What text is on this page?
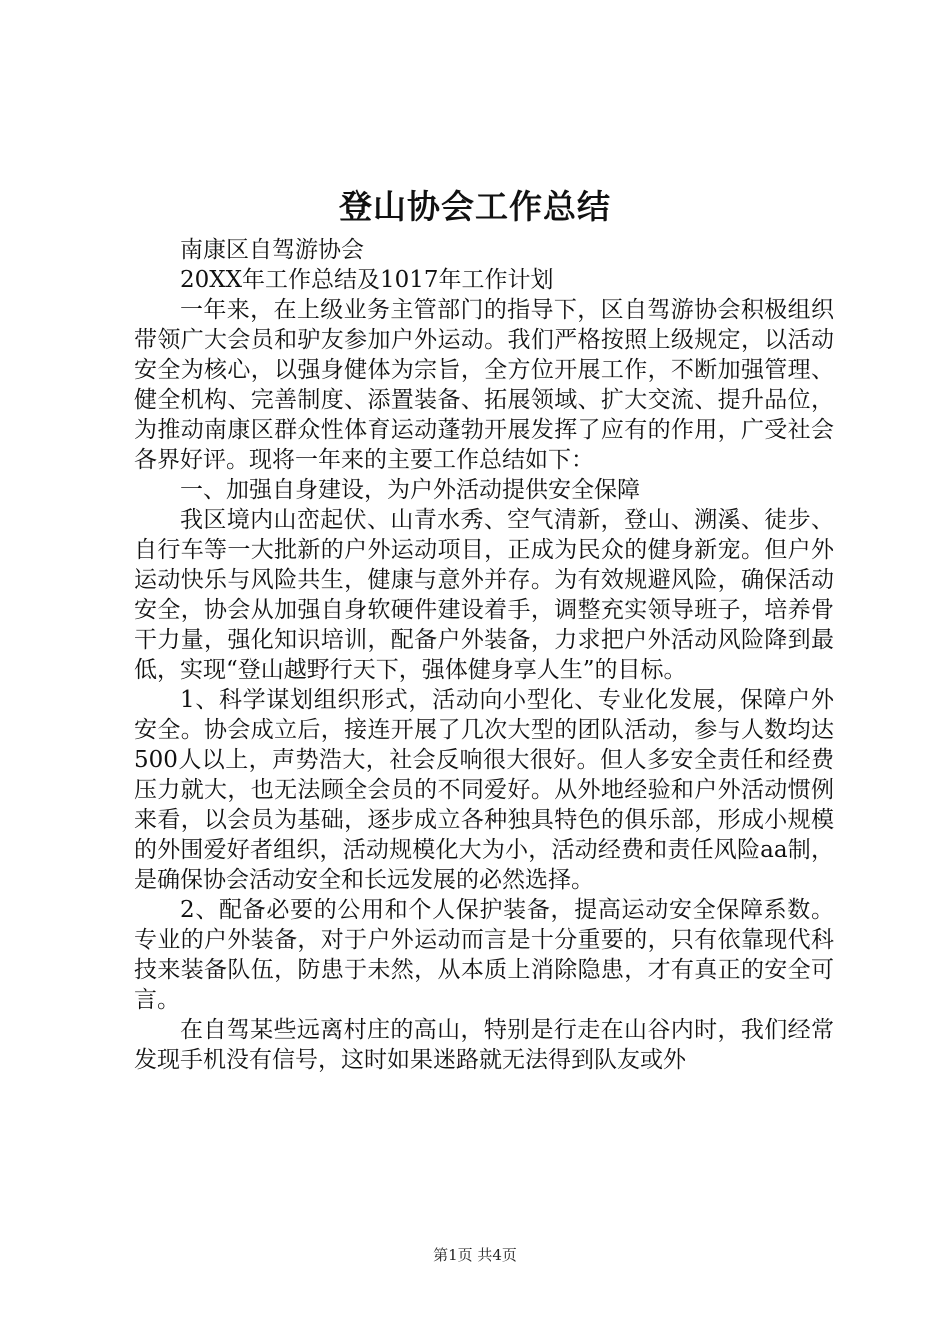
登山协会工作总结

南康区自驾游协会

20XX年工作总结及1017年工作计划

一年来，在上级业务主管部门的指导下，区自驾游协会积极组织带领广大会员和驴友参加户外运动。我们严格按照上级规定，以活动安全为核心，以强身健体为宗旨，全方位开展工作，不断加强管理、健全机构、完善制度、添置装备、拓展领域、扩大交流、提升品位，为推动南康区群众性体育运动蓬勃开展发挥了应有的作用，广受社会各界好评。现将一年来的主要工作总结如下：

一、加强自身建设，为户外活动提供安全保障

我区境内山峦起伏、山青水秀、空气清新，登山、溯溪、徒步、自行车等一大批新的户外运动项目，正成为民众的健身新宠。但户外运动快乐与风险共生，健康与意外并存。为有效规避风险，确保活动安全，协会从加强自身软硬件建设着手，调整充实领导班子，培养骨干力量，强化知识培训，配备户外装备，力求把户外活动风险降到最低，实现“登山越野行天下，强体健身享人生”的目标。

1、科学谋划组织形式，活动向小型化、专业化发展，保障户外安全。协会成立后，接连开展了几次大型的团队活动，参与人数均达500人以上，声势浩大，社会反响很大很好。但人多安全责任和经费压力就大，也无法顾全会员的不同爱好。从外地经验和户外活动惯例来看，以会员为基础，逐步成立各种独具特色的俱乐部，形成小规模的外围爱好者组织，活动规模化大为小，活动经费和责任风险aa制，是确保协会活动安全和长远发展的必然选择。

2、配备必要的公用和个人保护装备，提高运动安全保障系数。专业的户外装备，对于户外运动而言是十分重要的，只有依靠现代科技来装备队伍，防患于未然，从本质上消除隐患，才有真正的安全可言。

在自驾某些远离村庄的高山，特别是行走在山谷内时，我们经常发现手机没有信号，这时如果迷路就无法得到队友或外

第1页 共4页
